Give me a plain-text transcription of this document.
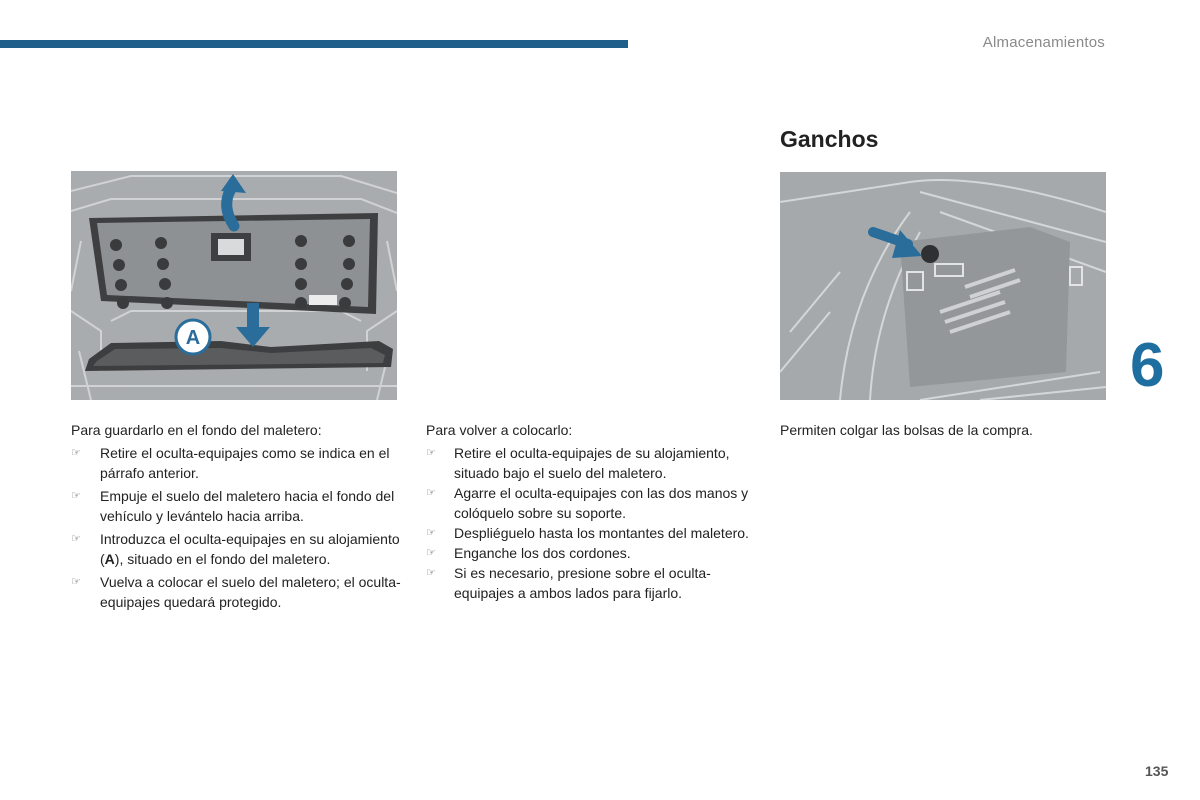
Almacenamientos
A

Para guardarlo en el fondo del maletero:

☞ Retire el oculta-equipajes como se indica en el párrafo anterior.
☞ Empuje el suelo del maletero hacia el fondo del vehículo y levántelo hacia arriba.
☞ Introduzca el oculta-equipajes en su alojamiento (A), situado en el fondo del maletero.
☞ Vuelva a colocar el suelo del maletero; el oculta-equipajes quedará protegido.

Para volver a colocarlo:

☞ Retire el oculta-equipajes de su alojamiento, situado bajo el suelo del maletero.
☞ Agarre el oculta-equipajes con las dos manos y colóquelo sobre su soporte.
☞ Despliéguelo hasta los montantes del maletero.
☞ Enganche los dos cordones.
☞ Si es necesario, presione sobre el oculta-equipajes a ambos lados para fijarlo.
Ganchos

Permiten colgar las bolsas de la compra.

6
135
